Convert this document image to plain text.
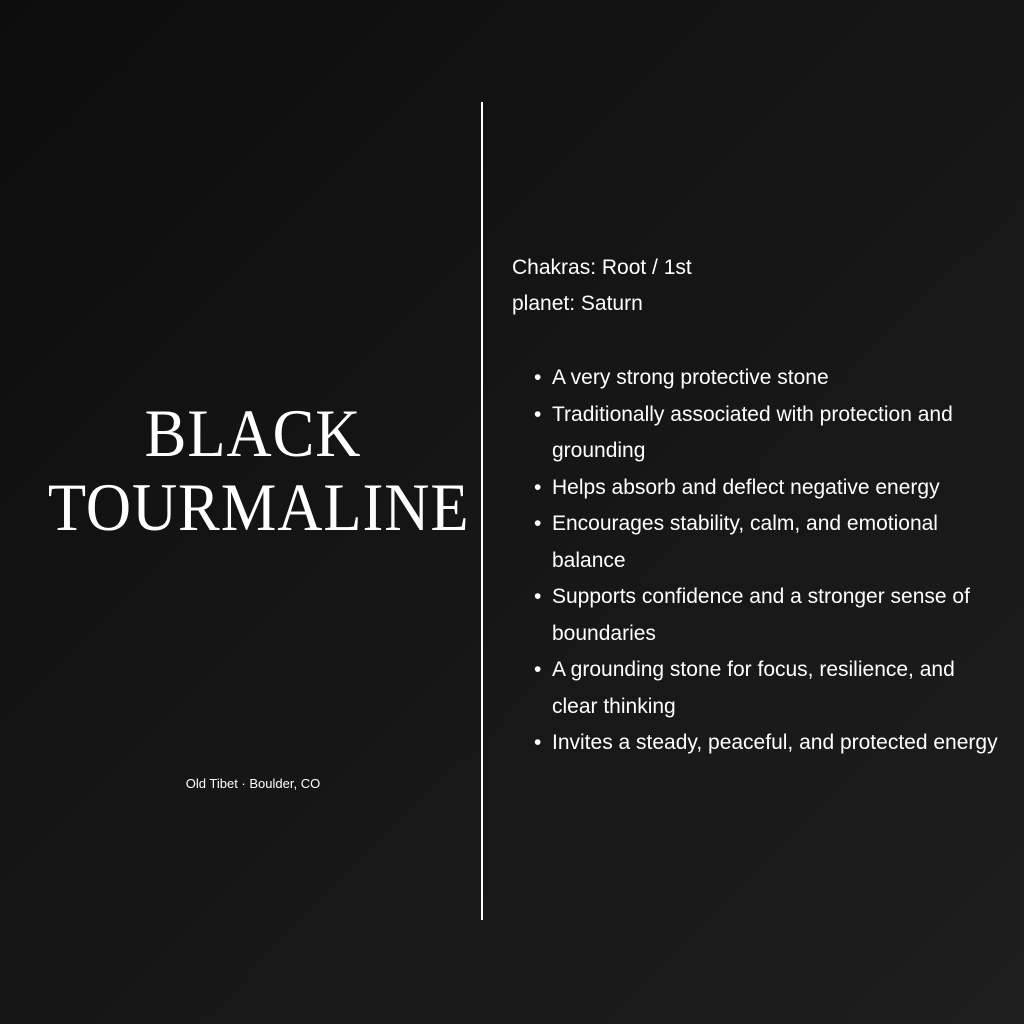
BLACK
TOURMALINE
Old Tibet · Boulder, CO
Chakras: Root / 1st
planet: Saturn
• A very strong protective stone
• Traditionally associated with protection and grounding
• Helps absorb and deflect negative energy
• Encourages stability, calm, and emotional balance
• Supports confidence and a stronger sense of boundaries
• A grounding stone for focus, resilience, and clear thinking
• Invites a steady, peaceful, and protected energy
